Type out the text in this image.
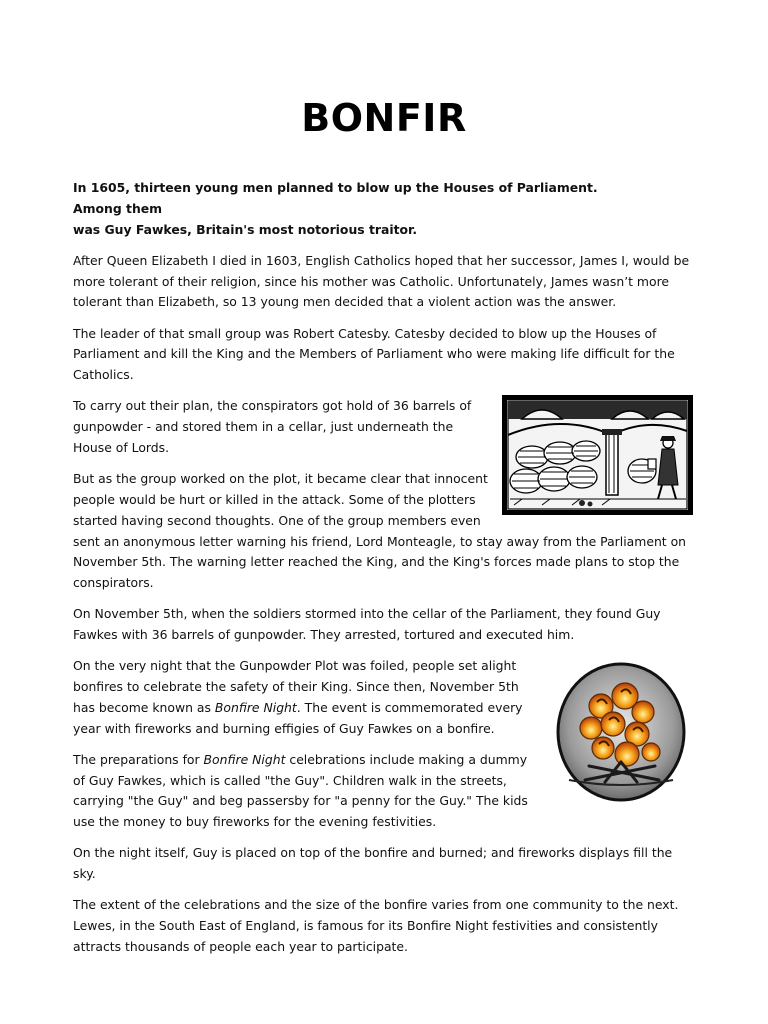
BONFIR

In 1605, thirteen young men planned to blow up the Houses of Parliament. Among them
was Guy Fawkes, Britain's most notorious traitor.

After Queen Elizabeth I died in 1603, English Catholics hoped that her successor, James I, would be more tolerant of their religion, since his mother was Catholic. Unfortunately, James wasn’t more tolerant than Elizabeth, so 13 young men decided that a violent action was the answer.

The leader of that small group was Robert Catesby. Catesby decided to blow up the Houses of Parliament and kill the King and the Members of Parliament who were making life difficult for the Catholics.

To carry out their plan, the conspirators got hold of 36 barrels of gunpowder - and stored them in a cellar, just underneath the House of Lords.

But as the group worked on the plot, it became clear that innocent people would be hurt or killed in the attack. Some of the plotters started having second thoughts. One of the group members even sent an anonymous letter warning his friend, Lord Monteagle, to stay away from the Parliament on November 5th. The warning letter reached the King, and the King's forces made plans to stop the conspirators.

On November 5th, when the soldiers stormed into the cellar of the Parliament, they found Guy Fawkes with 36 barrels of gunpowder. They arrested, tortured and executed him.

On the very night that the Gunpowder Plot was foiled, people set alight bonfires to celebrate the safety of their King. Since then, November 5th has become known as Bonfire Night. The event is commemorated every year with fireworks and burning effigies of Guy Fawkes on a bonfire.

The preparations for Bonfire Night celebrations include making a dummy of Guy Fawkes, which is called "the Guy". Children walk in the streets, carrying "the Guy" and beg passersby for "a penny for the Guy." The kids use the money to buy fireworks for the evening festivities.

On the night itself, Guy is placed on top of the bonfire and burned; and fireworks displays fill the sky.

The extent of the celebrations and the size of the bonfire varies from one community to the next. Lewes, in the South East of England, is famous for its Bonfire Night festivities and consistently attracts thousands of people each year to participate.
